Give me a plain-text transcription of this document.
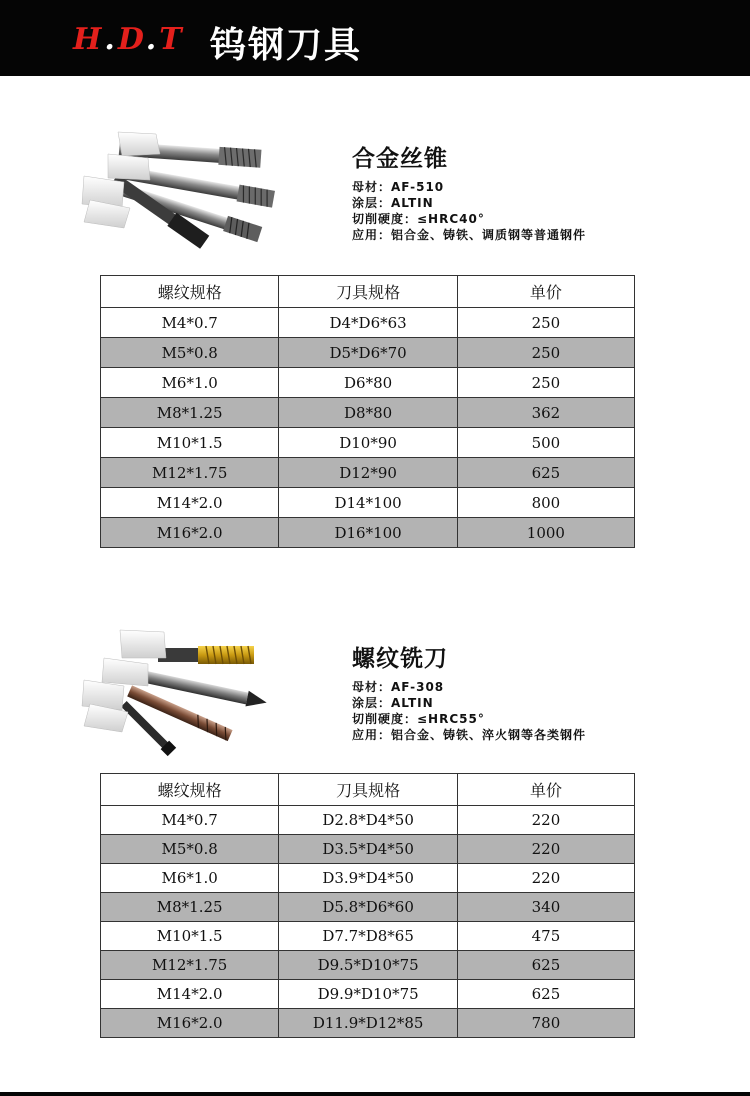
H.D.T 钨钢刀具
合金丝锥
母材：AF-510
涂层：ALTIN
切削硬度：≤HRC40°
应用：铝合金、铸铁、调质钢等普通钢件
螺纹规格	刀具规格	单价
M4*0.7	D4*D6*63	250
M5*0.8	D5*D6*70	250
M6*1.0	D6*80	250
M8*1.25	D8*80	362
M10*1.5	D10*90	500
M12*1.75	D12*90	625
M14*2.0	D14*100	800
M16*2.0	D16*100	1000
螺纹铣刀
母材：AF-308
涂层：ALTIN
切削硬度：≤HRC55°
应用：铝合金、铸铁、淬火钢等各类钢件
螺纹规格	刀具规格	单价
M4*0.7	D2.8*D4*50	220
M5*0.8	D3.5*D4*50	220
M6*1.0	D3.9*D4*50	220
M8*1.25	D5.8*D6*60	340
M10*1.5	D7.7*D8*65	475
M12*1.75	D9.5*D10*75	625
M14*2.0	D9.9*D10*75	625
M16*2.0	D11.9*D12*85	780
